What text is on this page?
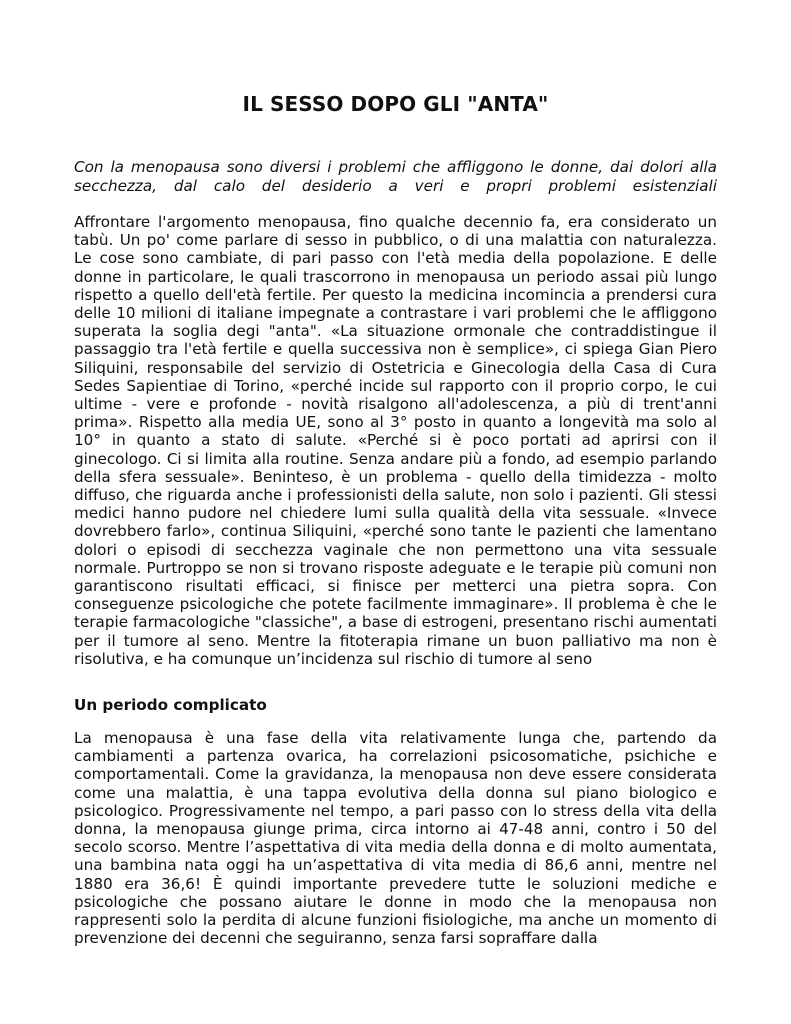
IL SESSO DOPO GLI "ANTA"

Con la menopausa sono diversi i problemi che affliggono le donne, dai dolori alla secchezza, dal calo del desiderio a veri e propri problemi esistenziali

Affrontare l'argomento menopausa, fino qualche decennio fa, era considerato un tabù. Un po' come parlare di sesso in pubblico, o di una malattia con naturalezza. Le cose sono cambiate, di pari passo con l'età media della popolazione. E delle donne in particolare, le quali trascorrono in menopausa un periodo assai più lungo rispetto a quello dell'età fertile. Per questo la medicina incomincia a prendersi cura delle 10 milioni di italiane impegnate a contrastare i vari problemi che le affliggono superata la soglia degi "anta". «La situazione ormonale che contraddistingue il passaggio tra l'età fertile e quella successiva non è semplice», ci spiega Gian Piero Siliquini, responsabile del servizio di Ostetricia e Ginecologia della Casa di Cura Sedes Sapientiae di Torino, «perché incide sul rapporto con il proprio corpo, le cui ultime - vere e profonde - novità risalgono all'adolescenza, a più di trent'anni prima». Rispetto alla media UE, sono al 3° posto in quanto a longevità ma solo al 10° in quanto a stato di salute. «Perché si è poco portati ad aprirsi con il ginecologo. Ci si limita alla routine. Senza andare più a fondo, ad esempio parlando della sfera sessuale». Beninteso, è un problema - quello della timidezza - molto diffuso, che riguarda anche i professionisti della salute, non solo i pazienti. Gli stessi medici hanno pudore nel chiedere lumi sulla qualità della vita sessuale. «Invece dovrebbero farlo», continua Siliquini, «perché sono tante le pazienti che lamentano dolori o episodi di secchezza vaginale che non permettono una vita sessuale normale. Purtroppo se non si trovano risposte adeguate e le terapie più comuni non garantiscono risultati efficaci, si finisce per metterci una pietra sopra. Con conseguenze psicologiche che potete facilmente immaginare». Il problema è che le terapie farmacologiche "classiche", a base di estrogeni, presentano rischi aumentati per il tumore al seno. Mentre la fitoterapia rimane un buon palliativo ma non è risolutiva, e ha comunque un’incidenza sul rischio di tumore al seno

Un periodo complicato

La menopausa è una fase della vita relativamente lunga che, partendo da cambiamenti a partenza ovarica, ha correlazioni psicosomatiche, psichiche e comportamentali. Come la gravidanza, la menopausa non deve essere considerata come una malattia, è una tappa evolutiva della donna sul piano biologico e psicologico. Progressivamente nel tempo, a pari passo con lo stress della vita della donna, la menopausa giunge prima, circa intorno ai 47-48 anni, contro i 50 del secolo scorso. Mentre l’aspettativa di vita media della donna e di molto aumentata, una bambina nata oggi ha un’aspettativa di vita media di 86,6 anni, mentre nel 1880 era 36,6! È quindi importante prevedere tutte le soluzioni mediche e psicologiche che possano aiutare le donne in modo che la menopausa non rappresenti solo la perdita di alcune funzioni fisiologiche, ma anche un momento di prevenzione dei decenni che seguiranno, senza farsi sopraffare dalla
